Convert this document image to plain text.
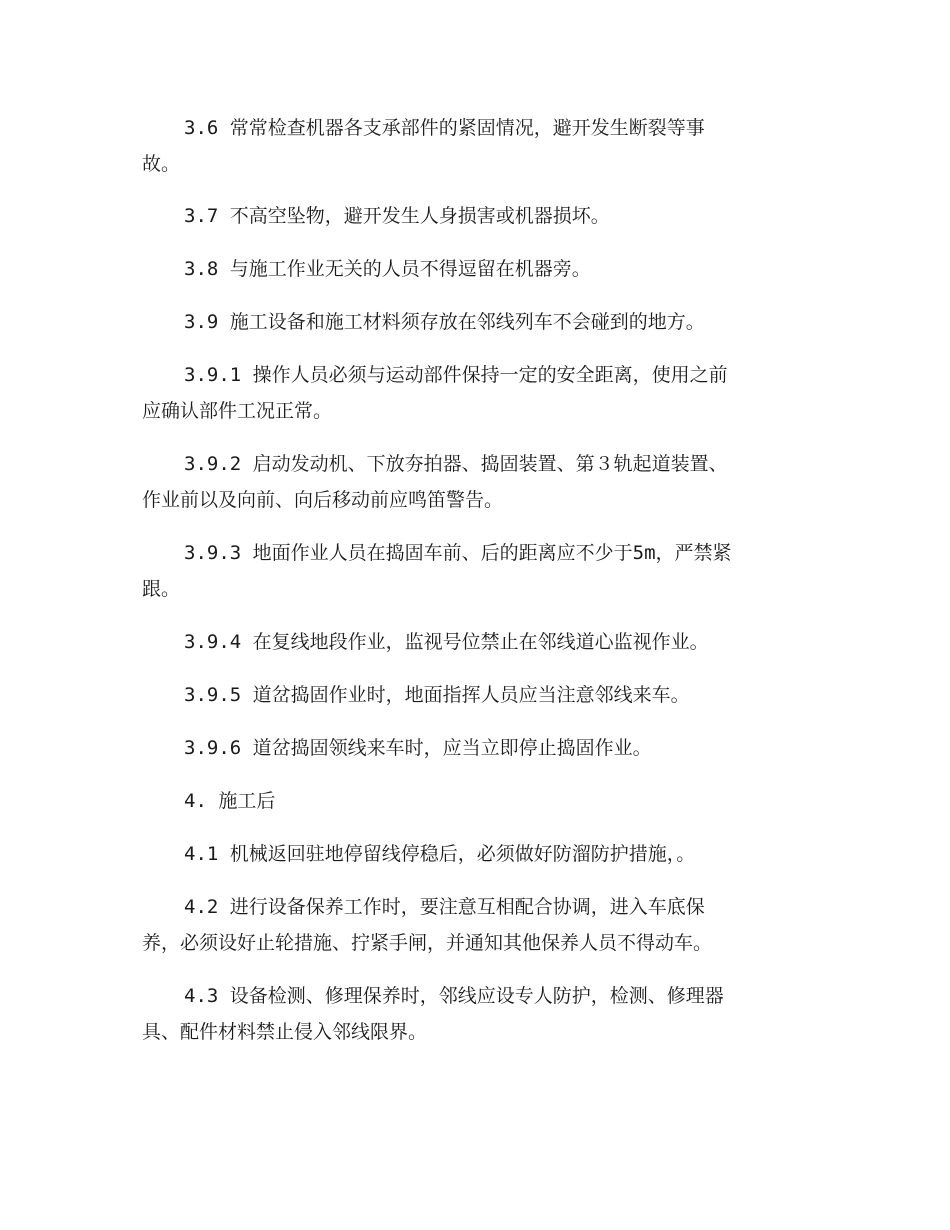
3.6 常常检查机器各支承部件的紧固情况，避开发生断裂等事
故。

3.7 不高空坠物，避开发生人身损害或机器损坏。

3.8 与施工作业无关的人员不得逗留在机器旁。

3.9 施工设备和施工材料须存放在邻线列车不会碰到的地方。

3.9.1 操作人员必须与运动部件保持一定的安全距离，使用之前
应确认部件工况正常。

3.9.2 启动发动机、下放夯拍器、捣固装置、第３轨起道装置、
作业前以及向前、向后移动前应鸣笛警告。

3.9.3 地面作业人员在捣固车前、后的距离应不少于5m，严禁紧
跟。

3.9.4 在复线地段作业，监视号位禁止在邻线道心监视作业。

3.9.5 道岔捣固作业时，地面指挥人员应当注意邻线来车。

3.9.6 道岔捣固领线来车时，应当立即停止捣固作业。

4. 施工后

4.1 机械返回驻地停留线停稳后，必须做好防溜防护措施，。

4.2 进行设备保养工作时，要注意互相配合协调，进入车底保
养，必须设好止轮措施、拧紧手闸，并通知其他保养人员不得动车。

4.3 设备检测、修理保养时，邻线应设专人防护，检测、修理器
具、配件材料禁止侵入邻线限界。
